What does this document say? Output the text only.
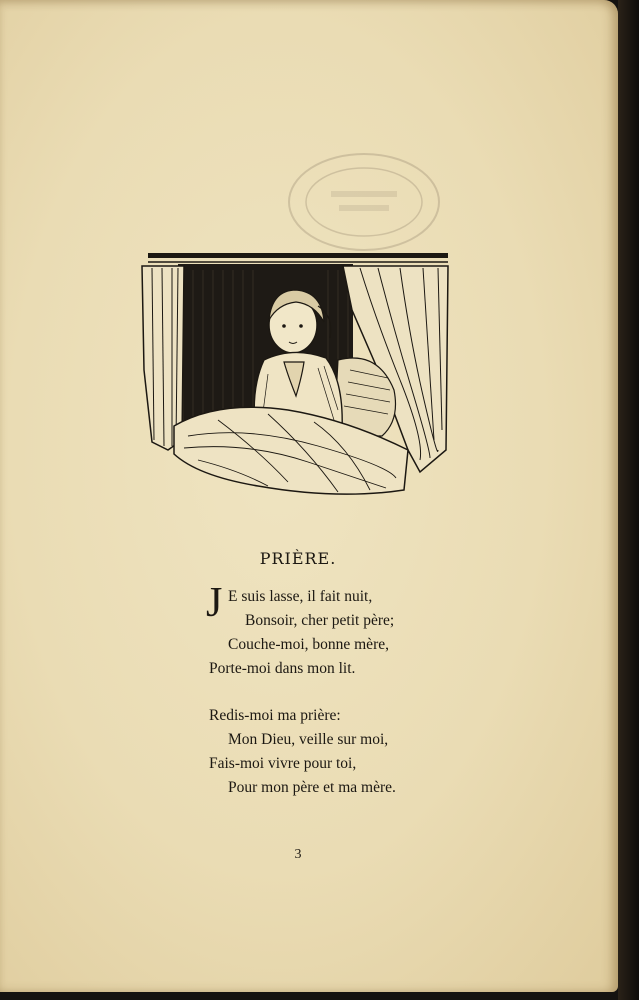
PRIÈRE.
J E suis lasse, il fait nuit,
Bonsoir, cher petit père;
Couche-moi, bonne mère,
Porte-moi dans mon lit.
Redis-moi ma prière:
Mon Dieu, veille sur moi,
Fais-moi vivre pour toi,
Pour mon père et ma mère.
3
